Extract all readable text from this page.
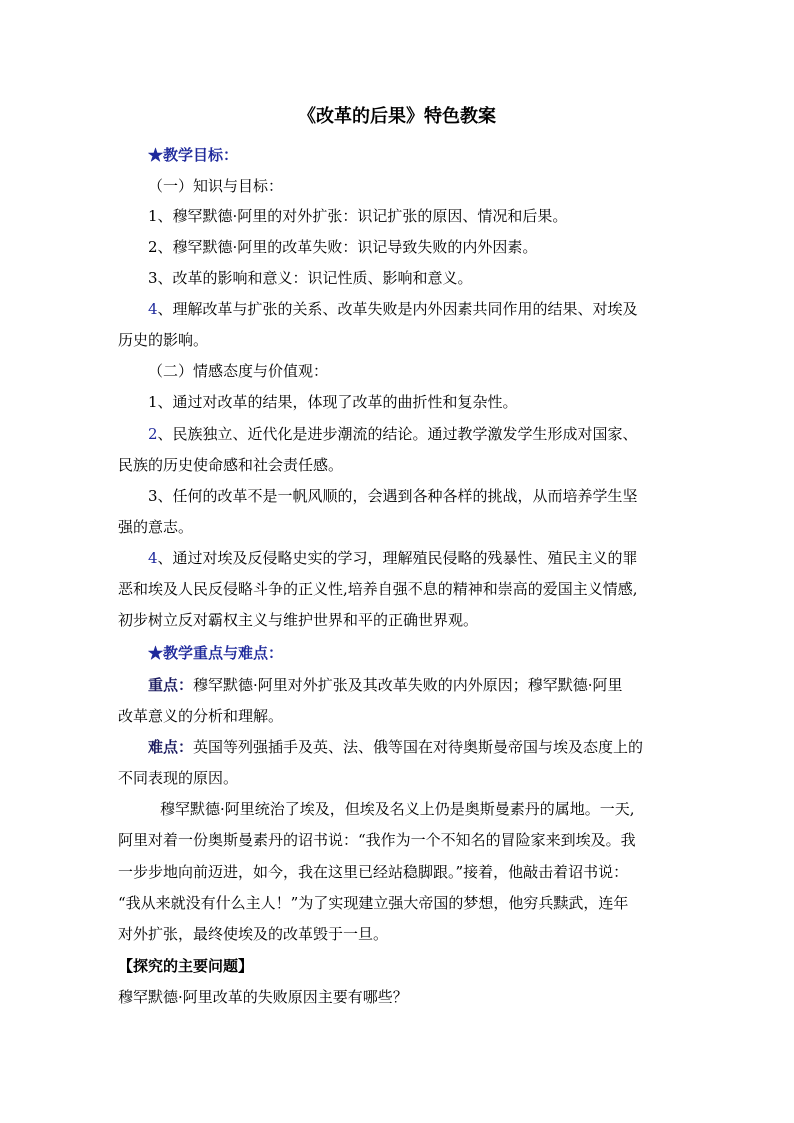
《改革的后果》特色教案
★教学目标：
（一）知识与目标：
1、穆罕默德·阿里的对外扩张：识记扩张的原因、情况和后果。
2、穆罕默德·阿里的改革失败：识记导致失败的内外因素。
3、改革的影响和意义：识记性质、影响和意义。
4、理解改革与扩张的关系、改革失败是内外因素共同作用的结果、对埃及
历史的影响。
（二）情感态度与价值观：
1、通过对改革的结果，体现了改革的曲折性和复杂性。
2、民族独立、近代化是进步潮流的结论。通过教学激发学生形成对国家、
民族的历史使命感和社会责任感。
3、任何的改革不是一帆风顺的，会遇到各种各样的挑战，从而培养学生坚
强的意志。
4、通过对埃及反侵略史实的学习，理解殖民侵略的残暴性、殖民主义的罪
恶和埃及人民反侵略斗争的正义性,培养自强不息的精神和崇高的爱国主义情感,
初步树立反对霸权主义与维护世界和平的正确世界观。
★教学重点与难点：
重点：穆罕默德·阿里对外扩张及其改革失败的内外原因；穆罕默德·阿里
改革意义的分析和理解。
难点：英国等列强插手及英、法、俄等国在对待奥斯曼帝国与埃及态度上的
不同表现的原因。
穆罕默德·阿里统治了埃及，但埃及名义上仍是奥斯曼素丹的属地。一天,
阿里对着一份奥斯曼素丹的诏书说：“我作为一个不知名的冒险家来到埃及。我
一步步地向前迈进，如今，我在这里已经站稳脚跟。”接着，他敲击着诏书说：
“我从来就没有什么主人！”为了实现建立强大帝国的梦想，他穷兵黩武，连年
对外扩张，最终使埃及的改革毁于一旦。
【探究的主要问题】
穆罕默德·阿里改革的失败原因主要有哪些？
